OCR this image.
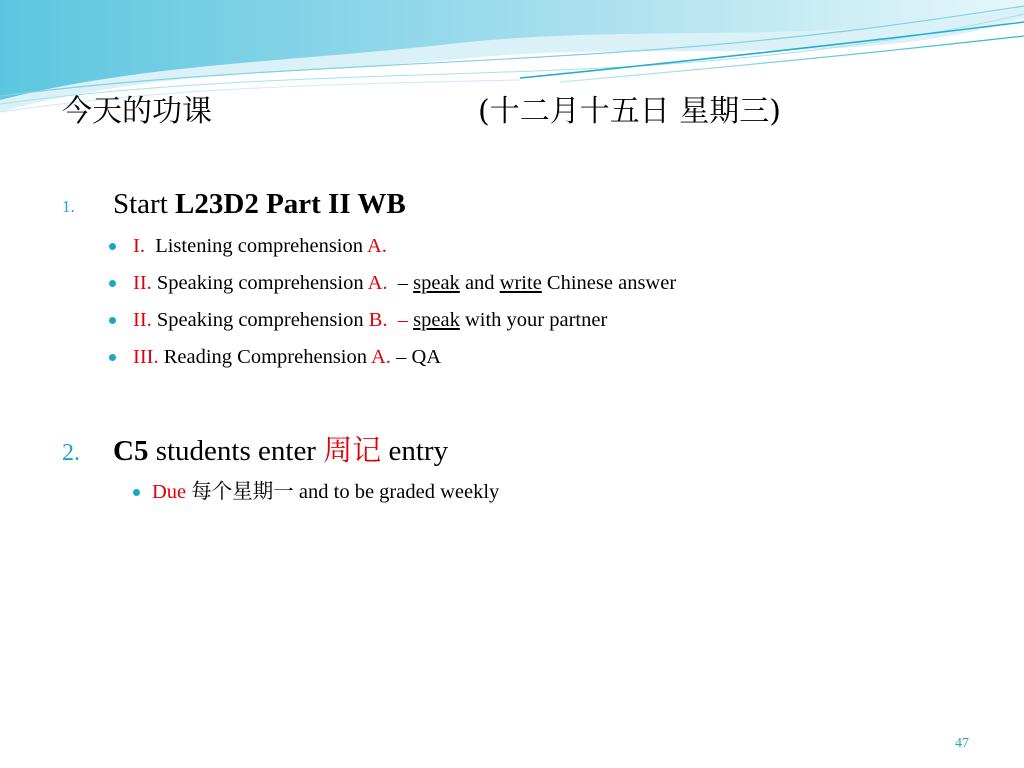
今天的功课	(十二月十五日 星期三)
1. Start L23D2 Part II WB
I.  Listening comprehension A.
II. Speaking comprehension A.  – speak and write Chinese answer
II. Speaking comprehension B.  – speak with your partner
III. Reading Comprehension A. – QA
2. C5 students enter 周记 entry
Due 每个星期一 and to be graded weekly
47
